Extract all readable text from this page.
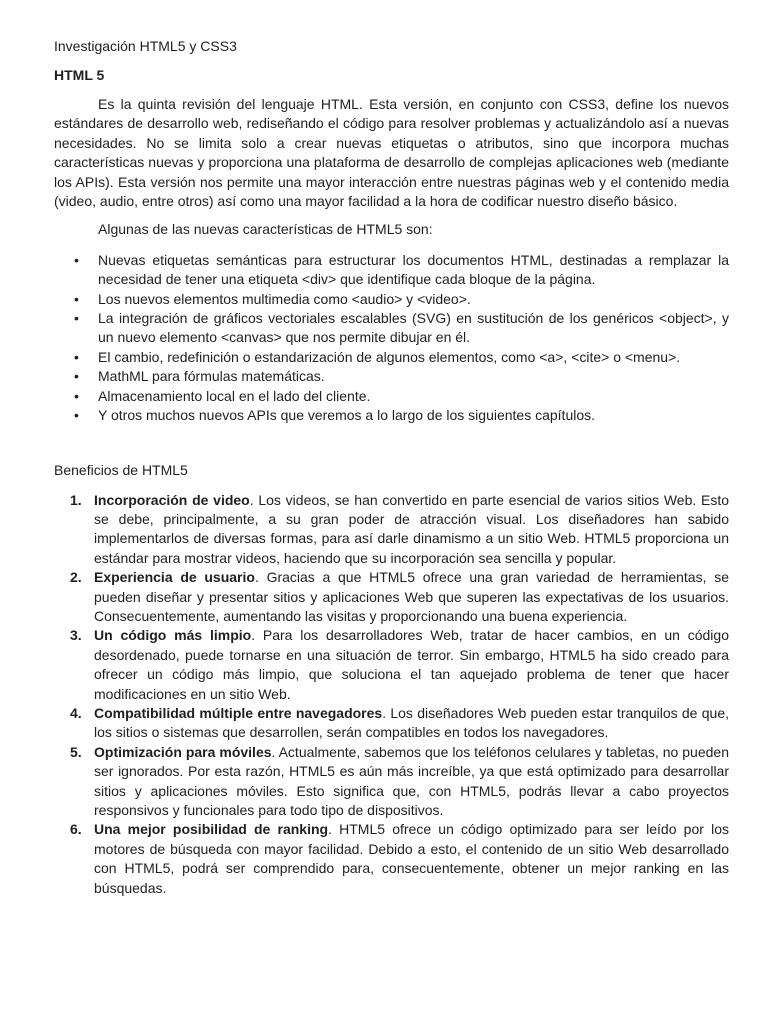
Investigación HTML5 y CSS3

HTML 5

Es la quinta revisión del lenguaje HTML. Esta versión, en conjunto con CSS3, define los nuevos estándares de desarrollo web, rediseñando el código para resolver problemas y actualizándolo así a nuevas necesidades. No se limita solo a crear nuevas etiquetas o atributos, sino que incorpora muchas características nuevas y proporciona una plataforma de desarrollo de complejas aplicaciones web (mediante los APIs). Esta versión nos permite una mayor interacción entre nuestras páginas web y el contenido media (video, audio, entre otros) así como una mayor facilidad a la hora de codificar nuestro diseño básico.

Algunas de las nuevas características de HTML5 son:

• Nuevas etiquetas semánticas para estructurar los documentos HTML, destinadas a remplazar la necesidad de tener una etiqueta <div> que identifique cada bloque de la página.
• Los nuevos elementos multimedia como <audio> y <video>.
• La integración de gráficos vectoriales escalables (SVG) en sustitución de los genéricos <object>, y un nuevo elemento <canvas> que nos permite dibujar en él.
• El cambio, redefinición o estandarización de algunos elementos, como <a>, <cite> o <menu>.
• MathML para fórmulas matemáticas.
• Almacenamiento local en el lado del cliente.
• Y otros muchos nuevos APIs que veremos a lo largo de los siguientes capítulos.

Beneficios de HTML5

1. Incorporación de video. Los videos, se han convertido en parte esencial de varios sitios Web. Esto se debe, principalmente, a su gran poder de atracción visual. Los diseñadores han sabido implementarlos de diversas formas, para así darle dinamismo a un sitio Web. HTML5 proporciona un estándar para mostrar videos, haciendo que su incorporación sea sencilla y popular.
2. Experiencia de usuario. Gracias a que HTML5 ofrece una gran variedad de herramientas, se pueden diseñar y presentar sitios y aplicaciones Web que superen las expectativas de los usuarios. Consecuentemente, aumentando las visitas y proporcionando una buena experiencia.
3. Un código más limpio. Para los desarrolladores Web, tratar de hacer cambios, en un código desordenado, puede tornarse en una situación de terror. Sin embargo, HTML5 ha sido creado para ofrecer un código más limpio, que soluciona el tan aquejado problema de tener que hacer modificaciones en un sitio Web.
4. Compatibilidad múltiple entre navegadores. Los diseñadores Web pueden estar tranquilos de que, los sitios o sistemas que desarrollen, serán compatibles en todos los navegadores.
5. Optimización para móviles. Actualmente, sabemos que los teléfonos celulares y tabletas, no pueden ser ignorados. Por esta razón, HTML5 es aún más increíble, ya que está optimizado para desarrollar sitios y aplicaciones móviles. Esto significa que, con HTML5, podrás llevar a cabo proyectos responsivos y funcionales para todo tipo de dispositivos.
6. Una mejor posibilidad de ranking. HTML5 ofrece un código optimizado para ser leído por los motores de búsqueda con mayor facilidad. Debido a esto, el contenido de un sitio Web desarrollado con HTML5, podrá ser comprendido para, consecuentemente, obtener un mejor ranking en las búsquedas.
